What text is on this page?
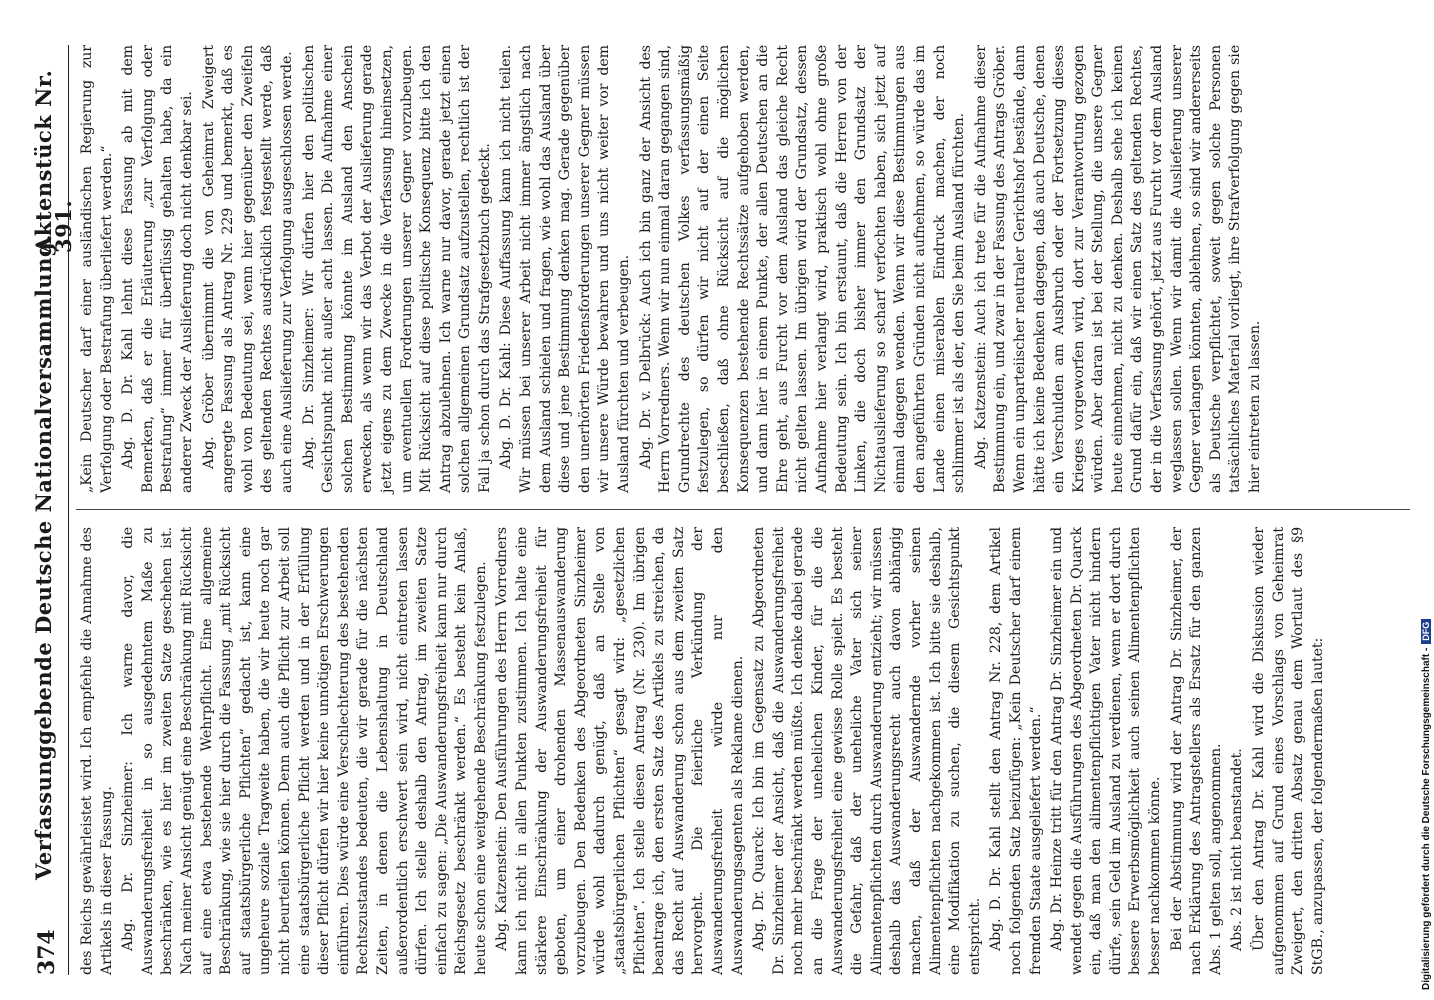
374
Verfassunggebende Deutsche Nationalversammlung.
Aktenstück Nr. 391.

des Reichs gewährleistet wird. Ich empfehle die Annahme des Artikels in dieser Fassung. Abg. Dr. Sinzheimer: Ich warne davor, die Auswanderungsfreiheit in so ausgedehntem Maße zu beschränken, wie es hier im zweiten Satze geschehen ist. Nach meiner Ansicht genügt eine Beschränkung mit Rücksicht auf eine etwa bestehende Wehrpflicht. Eine allgemeine Beschränkung, wie sie hier durch die Fassung „mit Rücksicht auf staatsbürgerliche Pflichten“ gedacht ist, kann eine ungeheure soziale Tragweite haben, die wir heute noch gar nicht beurteilen können. Denn auch die Pflicht zur Arbeit soll eine staatsbürgerliche Pflicht werden und in der Erfüllung dieser Pflicht dürfen wir hier keine unnötigen Erschwerungen einführen. Dies würde eine Verschlechterung des bestehenden Rechtszustandes bedeuten, die wir gerade für die nächsten Zeiten, in denen die Lebenshaltung in Deutschland außerordentlich erschwert sein wird, nicht eintreten lassen dürfen. Ich stelle deshalb den Antrag, im zweiten Satze einfach zu sagen: „Die Auswanderungsfreiheit kann nur durch Reichsgesetz beschränkt werden.“ Es besteht kein Anlaß, heute schon eine weitgehende Beschränkung festzulegen. Abg. Katzenstein: Den Ausführungen des Herrn Vorredners kann ich nicht in allen Punkten zustimmen. Ich halte eine stärkere Einschränkung der Auswanderungsfreiheit für geboten, um einer drohenden Massenauswanderung vorzubeugen. Den Bedenken des Abgeordneten Sinzheimer würde wohl dadurch genügt, daß an Stelle von „staatsbürgerlichen Pflichten“ gesagt wird: „gesetzlichen Pflichten“. Ich stelle diesen Antrag (Nr. 230). Im übrigen beantrage ich, den ersten Satz des Artikels zu streichen, da das Recht auf Auswanderung schon aus dem zweiten Satz hervorgeht. Die feierliche Verkündung der Auswanderungsfreiheit würde nur den Auswanderungsagenten als Reklame dienen. Abg. Dr. Quarck: Ich bin im Gegensatz zu Abgeordneten Dr. Sinzheimer der Ansicht, daß die Auswanderungsfreiheit noch mehr beschränkt werden müßte. Ich denke dabei gerade an die Frage der unehelichen Kinder, für die die Auswanderungsfreiheit eine gewisse Rolle spielt. Es besteht die Gefahr, daß der uneheliche Vater sich seiner Alimentenpflichten durch Auswanderung entzieht; wir müssen deshalb das Auswanderungsrecht auch davon abhängig machen, daß der Auswandernde vorher seinen Alimentenpflichten nachgekommen ist. Ich bitte sie deshalb, eine Modifikation zu suchen, die diesem Gesichtspunkt entspricht. Abg. D. Dr. Kahl stellt den Antrag Nr. 228, dem Artikel noch folgenden Satz beizufügen: „Kein Deutscher darf einem fremden Staate ausgeliefert werden.“ Abg. Dr. Heinze tritt für den Antrag Dr. Sinzheimer ein und wendet gegen die Ausführungen des Abgeordneten Dr. Quarck ein, daß man den alimentenpflichtigen Vater nicht hindern dürfe, sein Geld im Ausland zu verdienen, wenn er dort durch bessere Erwerbsmöglichkeit auch seinen Alimentenpflichten besser nachkommen könne. Bei der Abstimmung wird der Antrag Dr. Sinzheimer, der nach Erklärung des Antragstellers als Ersatz für den ganzen Abs. 1 gelten soll, angenommen. Abs. 2 ist nicht beanstandet. Über den Antrag Dr. Kahl wird die Diskussion wieder aufgenommen auf Grund eines Vorschlags von Geheimrat Zweigert, den dritten Absatz genau dem Wortlaut des §9 StGB., anzupassen, der folgendermaßen lautet:

„Kein Deutscher darf einer ausländischen Regierung zur Verfolgung oder Bestrafung überliefert werden.“ Abg. D. Dr. Kahl lehnt diese Fassung ab mit dem Bemerken, daß er die Erläuterung „zur Verfolgung oder Bestrafung“ immer für überflüssig gehalten habe, da ein anderer Zweck der Auslieferung doch nicht denkbar sei. Abg. Gröber übernimmt die von Geheimrat Zweigert angeregte Fassung als Antrag Nr. 229 und bemerkt, daß es wohl von Bedeutung sei, wenn hier gegenüber den Zweifeln des geltenden Rechtes ausdrücklich festgestellt werde, daß auch eine Auslieferung zur Verfolgung ausgeschlossen werde. Abg. Dr. Sinzheimer: Wir dürfen hier den politischen Gesichtspunkt nicht außer acht lassen. Die Aufnahme einer solchen Bestimmung könnte im Ausland den Anschein erwecken, als wenn wir das Verbot der Auslieferung gerade jetzt eigens zu dem Zwecke in die Verfassung hineinsetzen, um eventuellen Forderungen unserer Gegner vorzubeugen. Mit Rücksicht auf diese politische Konsequenz bitte ich den Antrag abzulehnen. Ich warne nur davor, gerade jetzt einen solchen allgemeinen Grundsatz aufzustellen, rechtlich ist der Fall ja schon durch das Strafgesetzbuch gedeckt. Abg. D. Dr. Kahl: Diese Auffassung kann ich nicht teilen. Wir müssen bei unserer Arbeit nicht immer ängstlich nach dem Ausland schielen und fragen, wie wohl das Ausland über diese und jene Bestimmung denken mag. Gerade gegenüber den unerhörten Friedensforderungen unserer Gegner müssen wir unsere Würde bewahren und uns nicht weiter vor dem Ausland fürchten und verbeugen. Abg. Dr. v. Delbrück: Auch ich bin ganz der Ansicht des Herrn Vorredners. Wenn wir nun einmal daran gegangen sind, Grundrechte des deutschen Volkes verfassungsmäßig festzulegen, so dürfen wir nicht auf der einen Seite beschließen, daß ohne Rücksicht auf die möglichen Konsequenzen bestehende Rechtssätze aufgehoben werden, und dann hier in einem Punkte, der allen Deutschen an die Ehre geht, aus Furcht vor dem Ausland das gleiche Recht nicht gelten lassen. Im übrigen wird der Grundsatz, dessen Aufnahme hier verlangt wird, praktisch wohl ohne große Bedeutung sein. Ich bin erstaunt, daß die Herren von der Linken, die doch bisher immer den Grundsatz der Nichtauslieferung so scharf verfochten haben, sich jetzt auf einmal dagegen wenden. Wenn wir diese Bestimmungen aus den angeführten Gründen nicht aufnehmen, so würde das im Lande einen miserablen Eindruck machen, der noch schlimmer ist als der, den Sie beim Ausland fürchten. Abg. Katzenstein: Auch ich trete für die Aufnahme dieser Bestimmung ein, und zwar in der Fassung des Antrags Gröber. Wenn ein unparteiischer neutraler Gerichtshof bestände, dann hätte ich keine Bedenken dagegen, daß auch Deutsche, denen ein Verschulden am Ausbruch oder der Fortsetzung dieses Krieges vorgeworfen wird, dort zur Verantwortung gezogen würden. Aber daran ist bei der Stellung, die unsere Gegner heute einnehmen, nicht zu denken. Deshalb sehe ich keinen Grund dafür ein, daß wir einen Satz des geltenden Rechtes, der in die Verfassung gehört, jetzt aus Furcht vor dem Ausland weglassen sollen. Wenn wir damit die Auslieferung unserer Gegner verlangen könnten, ablehnen, so sind wir andererseits als Deutsche verpflichtet, soweit gegen solche Personen tatsächliches Material vorliegt, ihre Strafverfolgung gegen sie hier eintreten zu lassen.

Digitalisierung gefördert durch die Deutsche Forschungsgemeinschaft -DFG
